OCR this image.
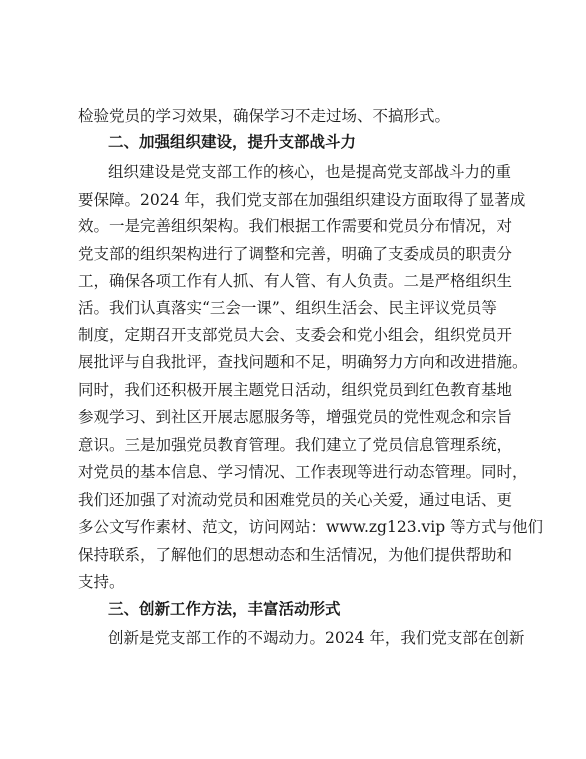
检验党员的学习效果，确保学习不走过场、不搞形式。
二、加强组织建设，提升支部战斗力
组织建设是党支部工作的核心，也是提高党支部战斗力的重
要保障。2024 年，我们党支部在加强组织建设方面取得了显著成
效。一是完善组织架构。我们根据工作需要和党员分布情况，对
党支部的组织架构进行了调整和完善，明确了支委成员的职责分
工，确保各项工作有人抓、有人管、有人负责。二是严格组织生
活。我们认真落实“三会一课”、组织生活会、民主评议党员等
制度，定期召开支部党员大会、支委会和党小组会，组织党员开
展批评与自我批评，查找问题和不足，明确努力方向和改进措施。
同时，我们还积极开展主题党日活动，组织党员到红色教育基地
参观学习、到社区开展志愿服务等，增强党员的党性观念和宗旨
意识。三是加强党员教育管理。我们建立了党员信息管理系统，
对党员的基本信息、学习情况、工作表现等进行动态管理。同时，
我们还加强了对流动党员和困难党员的关心关爱，通过电话、更
多公文写作素材、范文，访问网站：www.zg123.vip 等方式与他们
保持联系，了解他们的思想动态和生活情况，为他们提供帮助和
支持。
三、创新工作方法，丰富活动形式
创新是党支部工作的不竭动力。2024 年，我们党支部在创新
